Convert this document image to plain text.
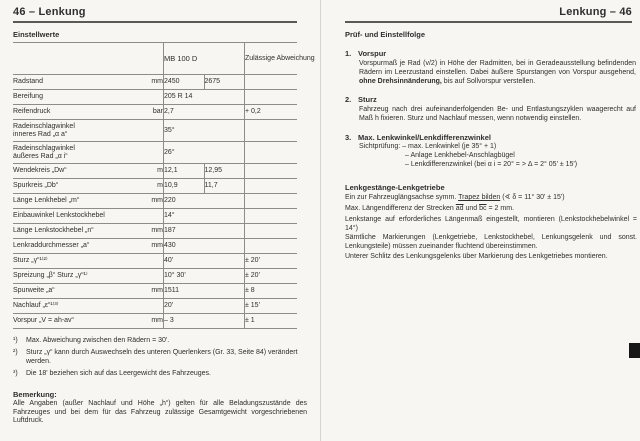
46 – Lenkung
Einstellwerte
		MB 100 D		Zulässige Abweichung
Radstand	mm	2450	2675	
Bereifung		205 R 14		
Reifendruck	bar	2,7		+ 0,2

Radeinschlagwinkel
inneres Rad „α a“		35°		

Radeinschlagwinkel
äußeres Rad „α i“		26°		
Wendekreis „Dw“	m	12,1	12,95	
Spurkreis „Db“	m	10,9	11,7	
Länge Lenkhebel „m“	mm	220		
Einbauwinkel Lenkstockhebel		14°		
Länge Lenkstockhebel „n“	mm	187		
Lenkraddurchmesser „a“	mm	430		
Sturz „γ“¹⁾²⁾		40'		± 20'
Spreizung „β“ Sturz „γ“¹⁾		10° 30'		± 20'
Spurweite „a“	mm	1511		± 8
Nachlauf „ε“¹⁾³⁾		20'		± 15'
Vorspur „V = ah-av“	mm	– 3		± 1
¹)	Max. Abweichung zwischen den Rädern = 30'.
²)	Sturz „γ“ kann durch Auswechseln des unteren Querlenkers (Gr. 33, Seite 84) verändert werden.
³)	Die 18' beziehen sich auf das Leergewicht des Fahrzeuges.
Bemerkung:
Alle Angaben (außer Nachlauf und Höhe „h“) gelten für alle Beladungszustände des Fahrzeuges und bei dem für das Fahrzeug zulässige Gesamtgewicht vorgeschriebenen Luftdruck.
Lenkung – 46
Prüf- und Einstellfolge
1. Vorspur
Vorspurmaß je Rad (v/2) in Höhe der Radmitten, bei in Geradeausstellung befindenden Rädern im Leerzustand einstellen. Dabei äußere Spurstangen von Vorspur ausgehend, ohne Drehsinnänderung, bis auf Sollvorspur verstellen.
2. Sturz
Fahrzeug nach drei aufeinanderfolgenden Be- und Entlastungszyklen waagerecht auf Maß h fixieren. Sturz und Nachlauf messen, wenn notwendig einstellen.
3. Max. Lenkwinkel/Lenkdifferenzwinkel
Sichtprüfung: – max. Lenkwinkel (je 35° + 1)
– Anlage Lenkhebel-Anschlagbügel
– Lenkdifferenzwinkel (bei α i = 20° = > Δ = 2° 05' ± 15')
Lenkgestänge-Lenkgetriebe
Ein zur Fahrzeuglängsachse symm. Trapez bilden (∢ δ = 11° 30' ± 15')
Max. Längendifferenz der Strecken $\overline{ad}$ und $\overline{bc} = 2$ mm.
Lenkstange auf erforderliches Längenmaß eingestellt, montieren (Lenkstockhebelwinkel = 14°)
Sämtliche Markierungen (Lenkgetriebe, Lenkstockhebel, Lenkungsgelenk und sonst. Lenkungsteile) müssen zueinander fluchtend übereinstimmen.
Unterer Schlitz des Lenkungsgelenks über Markierung des Lenkgetriebes montieren.
